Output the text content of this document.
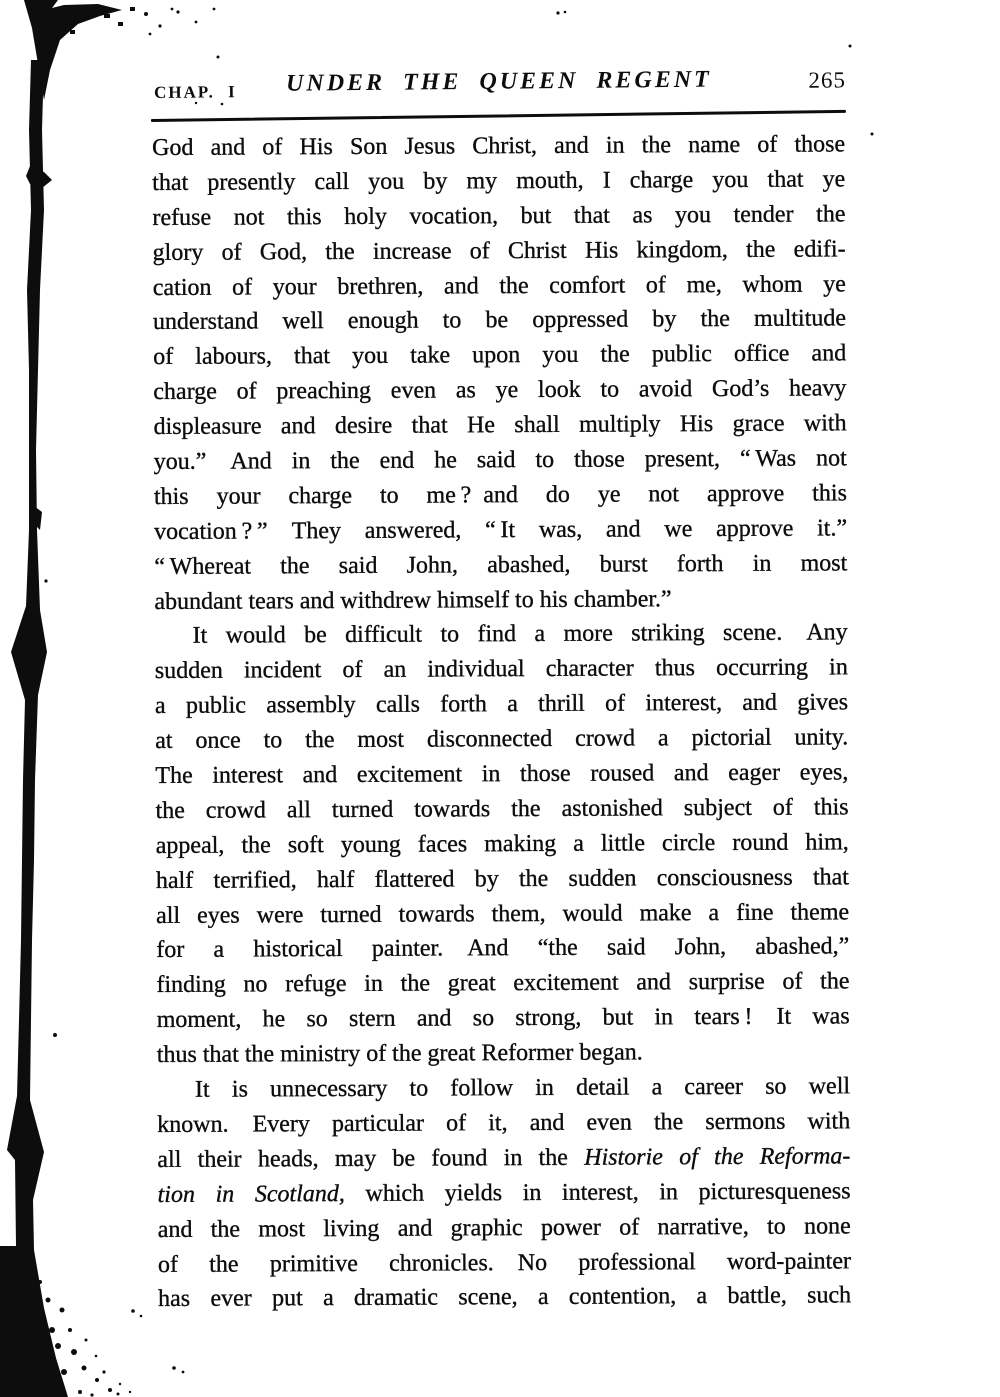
CHAP. I UNDER THE QUEEN REGENT	265
God and of His Son Jesus Christ, and in the name of those
that presently call you by my mouth, I charge you that ye
refuse not this holy vocation, but that as you tender the
glory of God, the increase of Christ His kingdom, the edifi-
cation of your brethren, and the comfort of me, whom ye
understand well enough to be oppressed by the multitude
of labours, that you take upon you the public office and
charge of preaching even as ye look to avoid God’s heavy
displeasure and desire that He shall multiply His grace with
you.”  And in the end he said to those present, “ Was not
this your charge to me ? and do ye not approve this
vocation ? ”  They answered, “ It was, and we approve it.”
“ Whereat the said John, abashed, burst forth in most
abundant tears and withdrew himself to his chamber.”
It would be difficult to find a more striking scene.  Any
sudden incident of an individual character thus occurring in
a public assembly calls forth a thrill of interest, and gives
at once to the most disconnected crowd a pictorial unity.
The interest and excitement in those roused and eager eyes,
the crowd all turned towards the astonished subject of this
appeal, the soft young faces making a little circle round him,
half terrified, half flattered by the sudden consciousness that
all eyes were turned towards them, would make a fine theme
for a historical painter.  And “the said John, abashed,”
finding no refuge in the great excitement and surprise of the
moment, he so stern and so strong, but in tears !  It was
thus that the ministry of the great Reformer began.
It is unnecessary to follow in detail a career so well
known.  Every particular of it, and even the sermons with
all their heads, may be found in the Historie of the Reforma-
tion in Scotland, which yields in interest, in picturesqueness
and the most living and graphic power of narrative, to none
of the primitive chronicles.  No professional word-painter
has ever put a dramatic scene, a contention, a battle, such
